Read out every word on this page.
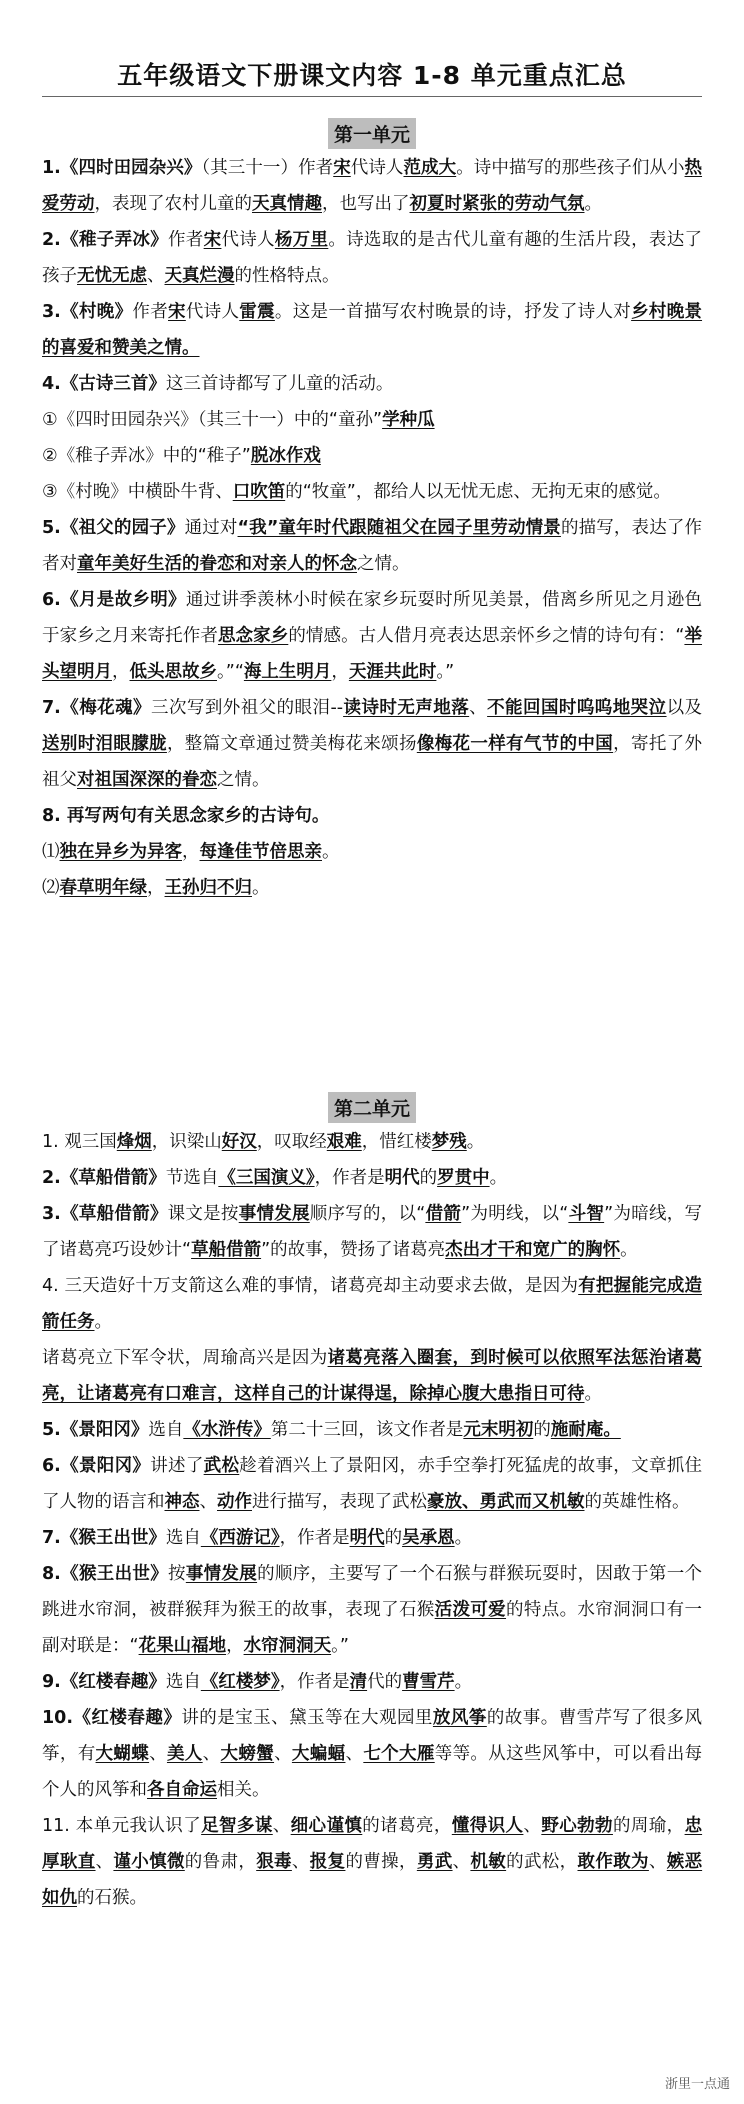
五年级语文下册课文内容 1-8 单元重点汇总
第一单元

1.《四时田园杂兴》（其三十一）作者宋代诗人范成大。诗中描写的那些孩子们从小热爱劳动，表现了农村儿童的天真情趣，也写出了初夏时紧张的劳动气氛。

2.《稚子弄冰》作者宋代诗人杨万里。诗选取的是古代儿童有趣的生活片段，表达了孩子无忧无虑、天真烂漫的性格特点。

3.《村晚》作者宋代诗人雷震。这是一首描写农村晚景的诗，抒发了诗人对乡村晚景的喜爱和赞美之情。

4.《古诗三首》这三首诗都写了儿童的活动。

①《四时田园杂兴》（其三十一）中的“童孙”学种瓜

②《稚子弄冰》中的“稚子”脱冰作戏

③《村晚》中横卧牛背、口吹笛的“牧童”，都给人以无忧无虑、无拘无束的感觉。

5.《祖父的园子》通过对“我”童年时代跟随祖父在园子里劳动情景的描写，表达了作者对童年美好生活的眷恋和对亲人的怀念之情。

6.《月是故乡明》通过讲季羡林小时候在家乡玩耍时所见美景，借离乡所见之月逊色于家乡之月来寄托作者思念家乡的情感。古人借月亮表达思亲怀乡之情的诗句有：“举头望明月，低头思故乡。”“海上生明月，天涯共此时。”

7.《梅花魂》三次写到外祖父的眼泪--读诗时无声地落、不能回国时呜呜地哭泣以及送别时泪眼朦胧，整篇文章通过赞美梅花来颂扬像梅花一样有气节的中国，寄托了外祖父对祖国深深的眷恋之情。

8. 再写两句有关思念家乡的古诗句。

⑴独在异乡为异客，每逢佳节倍思亲。

⑵春草明年绿，王孙归不归。

第二单元

1. 观三国烽烟，识梁山好汉，叹取经艰难，惜红楼梦残。

2.《草船借箭》节选自《三国演义》，作者是明代的罗贯中。

3.《草船借箭》课文是按事情发展顺序写的，以“借箭”为明线，以“斗智”为暗线，写了诸葛亮巧设妙计“草船借箭”的故事，赞扬了诸葛亮杰出才干和宽广的胸怀。

4. 三天造好十万支箭这么难的事情，诸葛亮却主动要求去做，是因为有把握能完成造箭任务。

诸葛亮立下军令状，周瑜高兴是因为诸葛亮落入圈套，到时候可以依照军法惩治诸葛亮，让诸葛亮有口难言，这样自己的计谋得逞，除掉心腹大患指日可待。

5.《景阳冈》选自《水浒传》第二十三回，该文作者是元末明初的施耐庵。

6.《景阳冈》讲述了武松趁着酒兴上了景阳冈，赤手空拳打死猛虎的故事，文章抓住了人物的语言和神态、动作进行描写，表现了武松豪放、勇武而又机敏的英雄性格。

7.《猴王出世》选自《西游记》，作者是明代的吴承恩。

8.《猴王出世》按事情发展的顺序，主要写了一个石猴与群猴玩耍时，因敢于第一个跳进水帘洞，被群猴拜为猴王的故事，表现了石猴活泼可爱的特点。水帘洞洞口有一副对联是：“花果山福地，水帘洞洞天。”

9.《红楼春趣》选自《红楼梦》，作者是清代的曹雪芹。

10.《红楼春趣》讲的是宝玉、黛玉等在大观园里放风筝的故事。曹雪芹写了很多风筝，有大蝴蝶、美人、大螃蟹、大蝙蝠、七个大雁等等。从这些风筝中，可以看出每个人的风筝和各自命运相关。

11. 本单元我认识了足智多谋、细心谨慎的诸葛亮，懂得识人、野心勃勃的周瑜，忠厚耿直、谨小慎微的鲁肃，狠毒、报复的曹操，勇武、机敏的武松，敢作敢为、嫉恶如仇的石猴。

浙里一点通
